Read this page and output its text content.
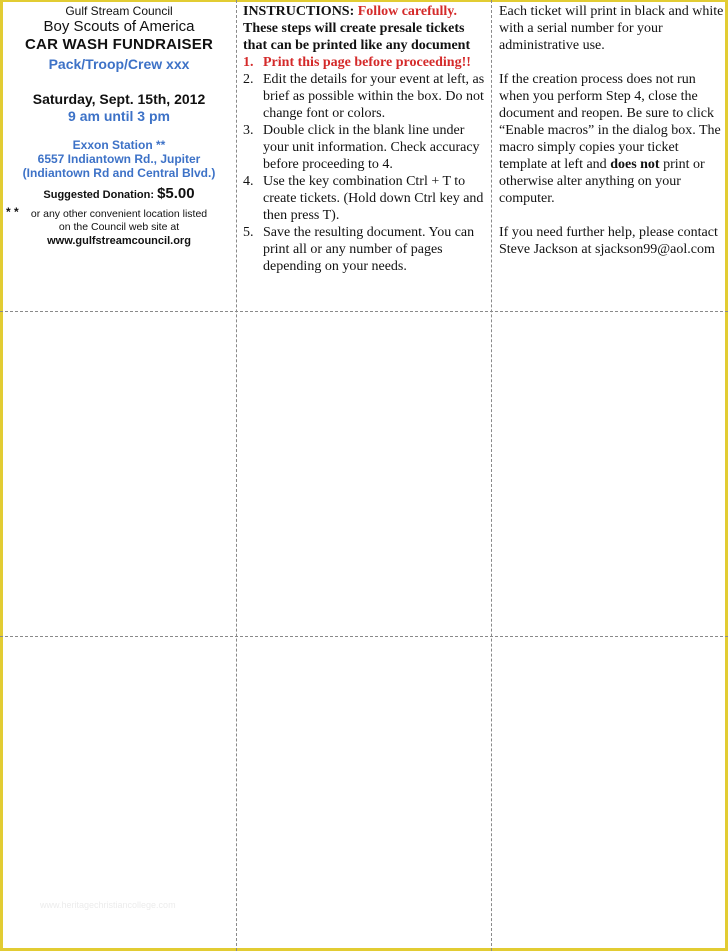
Gulf Stream Council
Boy Scouts of America
CAR WASH FUNDRAISER
Pack/Troop/Crew xxx
Saturday, Sept. 15th, 2012
9 am until 3 pm
Exxon Station **
6557 Indiantown Rd., Jupiter
(Indiantown Rd and Central Blvd.)
Suggested Donation: $5.00
* *	or any other convenient location listed
on the Council web site at
www.gulfstreamcouncil.org
INSTRUCTIONS: Follow carefully.
These steps will create presale tickets that can be printed like any document
1. Print this page before proceeding!!
2. Edit the details for your event at left, as brief as possible within the box. Do not change font or colors.
3. Double click in the blank line under your unit information. Check accuracy before proceeding to 4.
4. Use the key combination Ctrl + T to create tickets. (Hold down Ctrl key and then press T).
5. Save the resulting document. You can print all or any number of pages depending on your needs.

Each ticket will print in black and white
with a serial number for your
administrative use.

If the creation process does not run
when you perform Step 4, close the
document and reopen. Be sure to click
“Enable macros” in the dialog box. The
macro simply copies your ticket
template at left and does not print or
otherwise alter anything on your
computer.

If you need further help, please contact
Steve Jackson at sjackson99@aol.com

www.heritagechristiancollege.com
